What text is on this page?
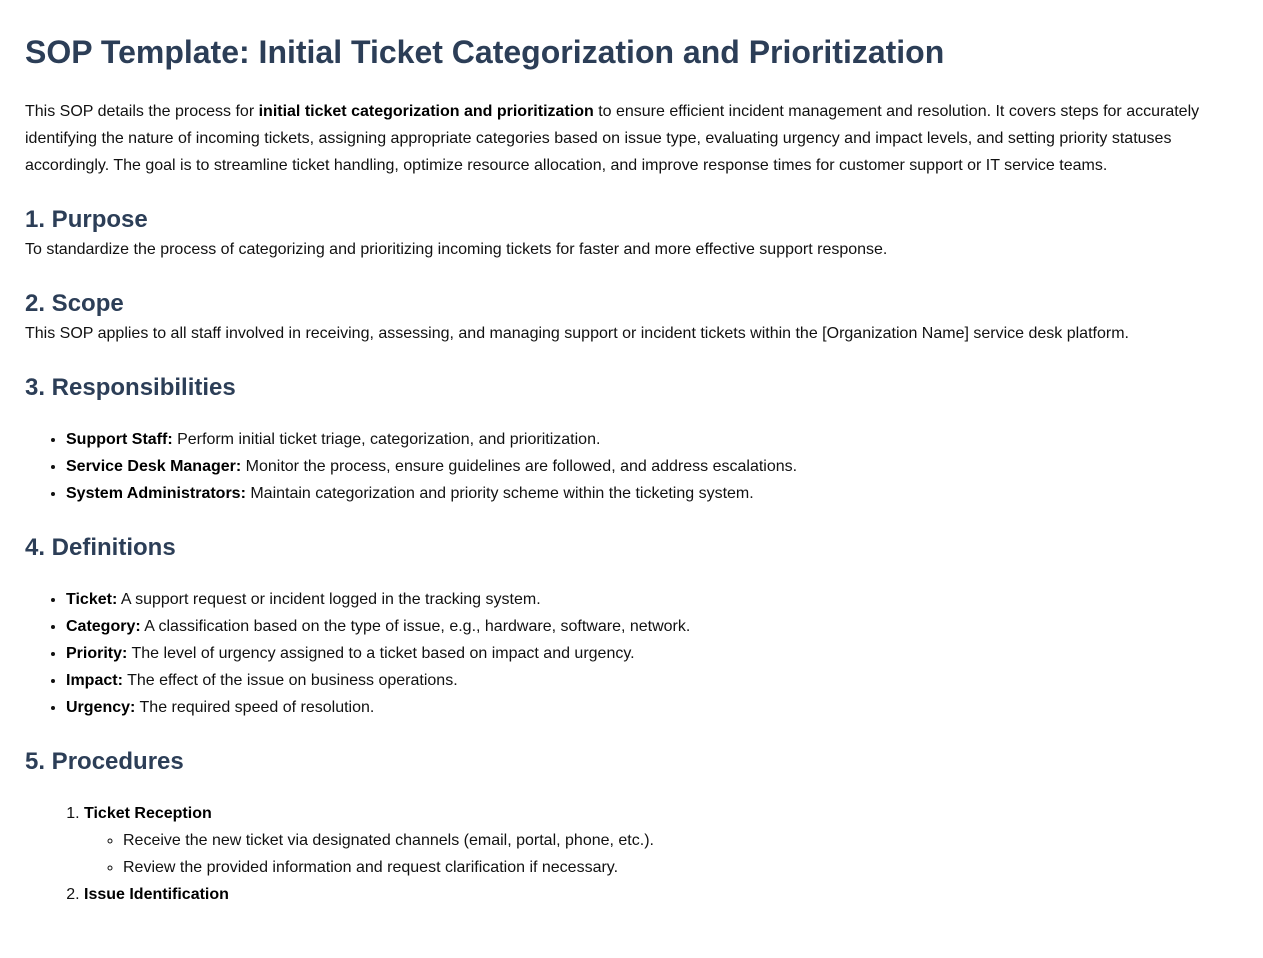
SOP Template: Initial Ticket Categorization and Prioritization

This SOP details the process for initial ticket categorization and prioritization to ensure efficient incident management and resolution. It covers steps for accurately identifying the nature of incoming tickets, assigning appropriate categories based on issue type, evaluating urgency and impact levels, and setting priority statuses accordingly. The goal is to streamline ticket handling, optimize resource allocation, and improve response times for customer support or IT service teams.

1. Purpose

To standardize the process of categorizing and prioritizing incoming tickets for faster and more effective support response.

2. Scope

This SOP applies to all staff involved in receiving, assessing, and managing support or incident tickets within the [Organization Name] service desk platform.

3. Responsibilities
• Support Staff: Perform initial ticket triage, categorization, and prioritization.
• Service Desk Manager: Monitor the process, ensure guidelines are followed, and address escalations.
• System Administrators: Maintain categorization and priority scheme within the ticketing system.
4. Definitions
• Ticket: A support request or incident logged in the tracking system.
• Category: A classification based on the type of issue, e.g., hardware, software, network.
• Priority: The level of urgency assigned to a ticket based on impact and urgency.
• Impact: The effect of the issue on business operations.
• Urgency: The required speed of resolution.
5. Procedures
1. Ticket Reception
◦ Receive the new ticket via designated channels (email, portal, phone, etc.).
◦ Review the provided information and request clarification if necessary.
2. Issue Identification
